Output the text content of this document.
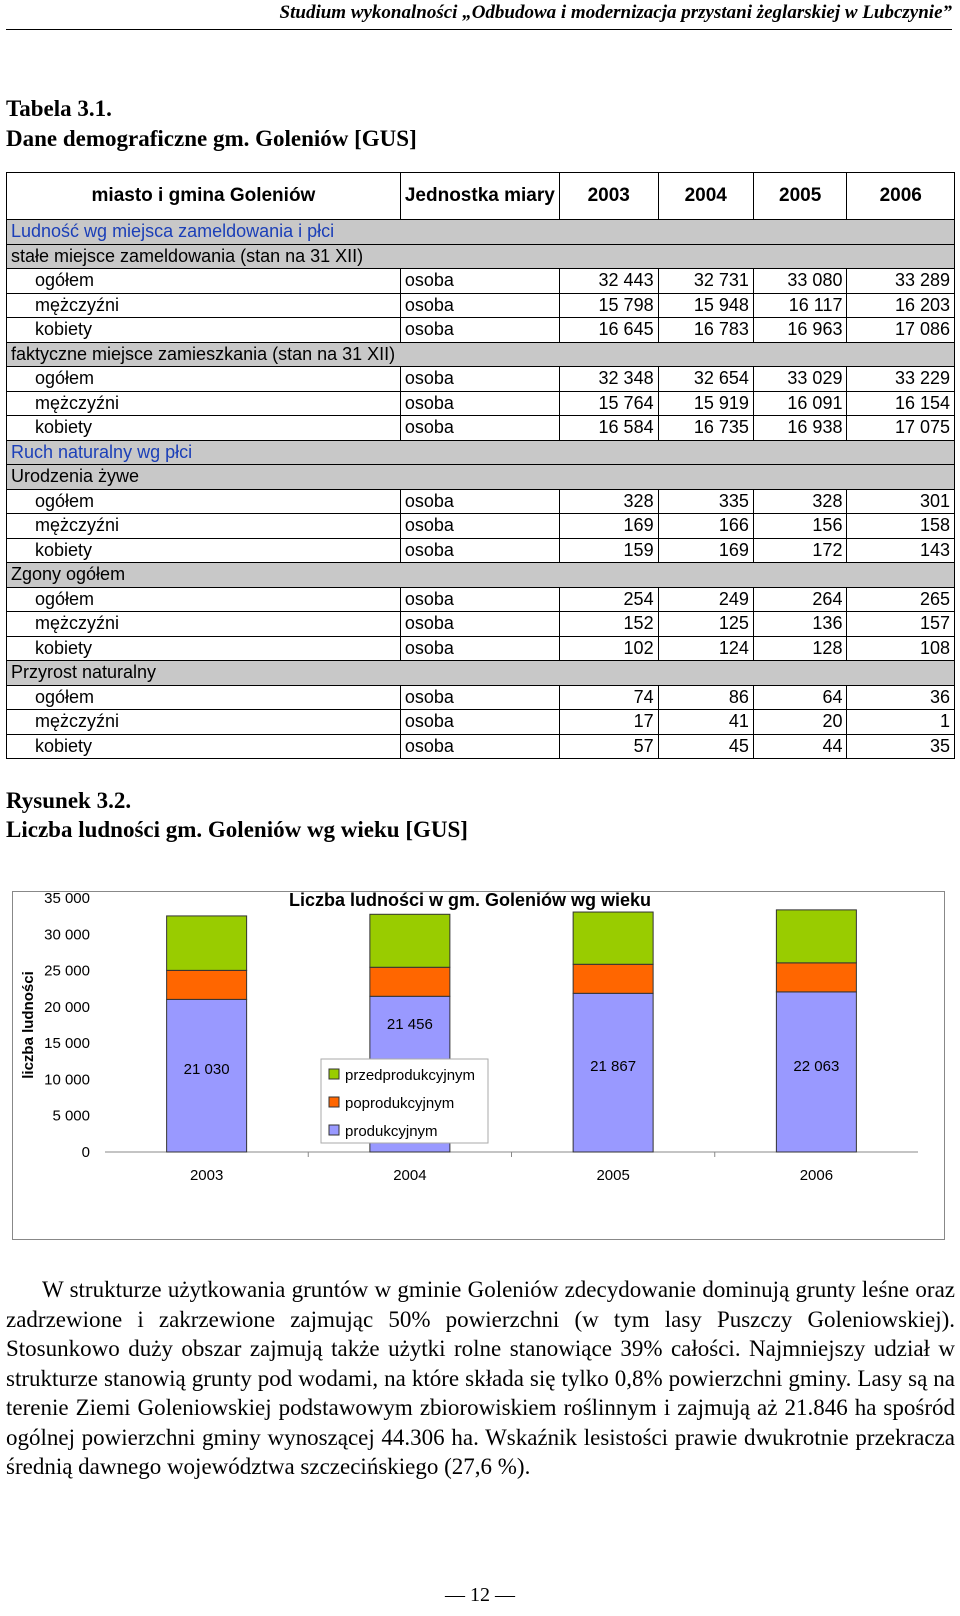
Studium wykonalności „Odbudowa i modernizacja przystani żeglarskiej w Lubczynie”
Tabela 3.1.
Dane demograficzne gm. Goleniów [GUS]
miasto i gmina Goleniów	Jednostka miary	2003	2004	2005	2006
Ludność wg miejsca zameldowania i płci					
stałe miejsce zameldowania (stan na 31 XII)					
ogółem	osoba	32 443	32 731	33 080	33 289
mężczyźni	osoba	15 798	15 948	16 117	16 203
kobiety	osoba	16 645	16 783	16 963	17 086
faktyczne miejsce zamieszkania (stan na 31 XII)					
ogółem	osoba	32 348	32 654	33 029	33 229
mężczyźni	osoba	15 764	15 919	16 091	16 154
kobiety	osoba	16 584	16 735	16 938	17 075
Ruch naturalny wg płci					
Urodzenia żywe					
ogółem	osoba	328	335	328	301
mężczyźni	osoba	169	166	156	158
kobiety	osoba	159	169	172	143
Zgony ogółem					
ogółem	osoba	254	249	264	265
mężczyźni	osoba	152	125	136	157
kobiety	osoba	102	124	128	108
Przyrost naturalny					
ogółem	osoba	74	86	64	36
mężczyźni	osoba	17	41	20	1
kobiety	osoba	57	45	44	35
Rysunek 3.2.
Liczba ludności gm. Goleniów wg wieku [GUS]
liczba ludności
0
5 000
10 000
15 000
20 000
25 000
30 000
35 000	Liczba ludności w gm. Goleniów wg wieku
2003	2004	2005	2006
21 030
21 456
21 867	22 063
przedprodukcyjnym
poprodukcyjnym
produkcyjnym
W strukturze użytkowania gruntów w gminie Goleniów zdecydowanie dominują grunty leśne oraz zadrzewione i zakrzewione zajmując 50% powierzchni (w tym lasy Puszczy Goleniowskiej). Stosunkowo duży obszar zajmują także użytki rolne stanowiące 39% całości. Najmniejszy udział w strukturze stanowią grunty pod wodami, na które składa się tylko 0,8% powierzchni gminy. Lasy są na terenie Ziemi Goleniowskiej podstawowym zbiorowiskiem roślinnym i zajmują aż 21.846 ha spośród ogólnej powierzchni gminy wynoszącej 44.306 ha. Wskaźnik lesistości prawie dwukrotnie przekracza średnią dawnego województwa szczecińskiego (27,6 %).
— 12 —
